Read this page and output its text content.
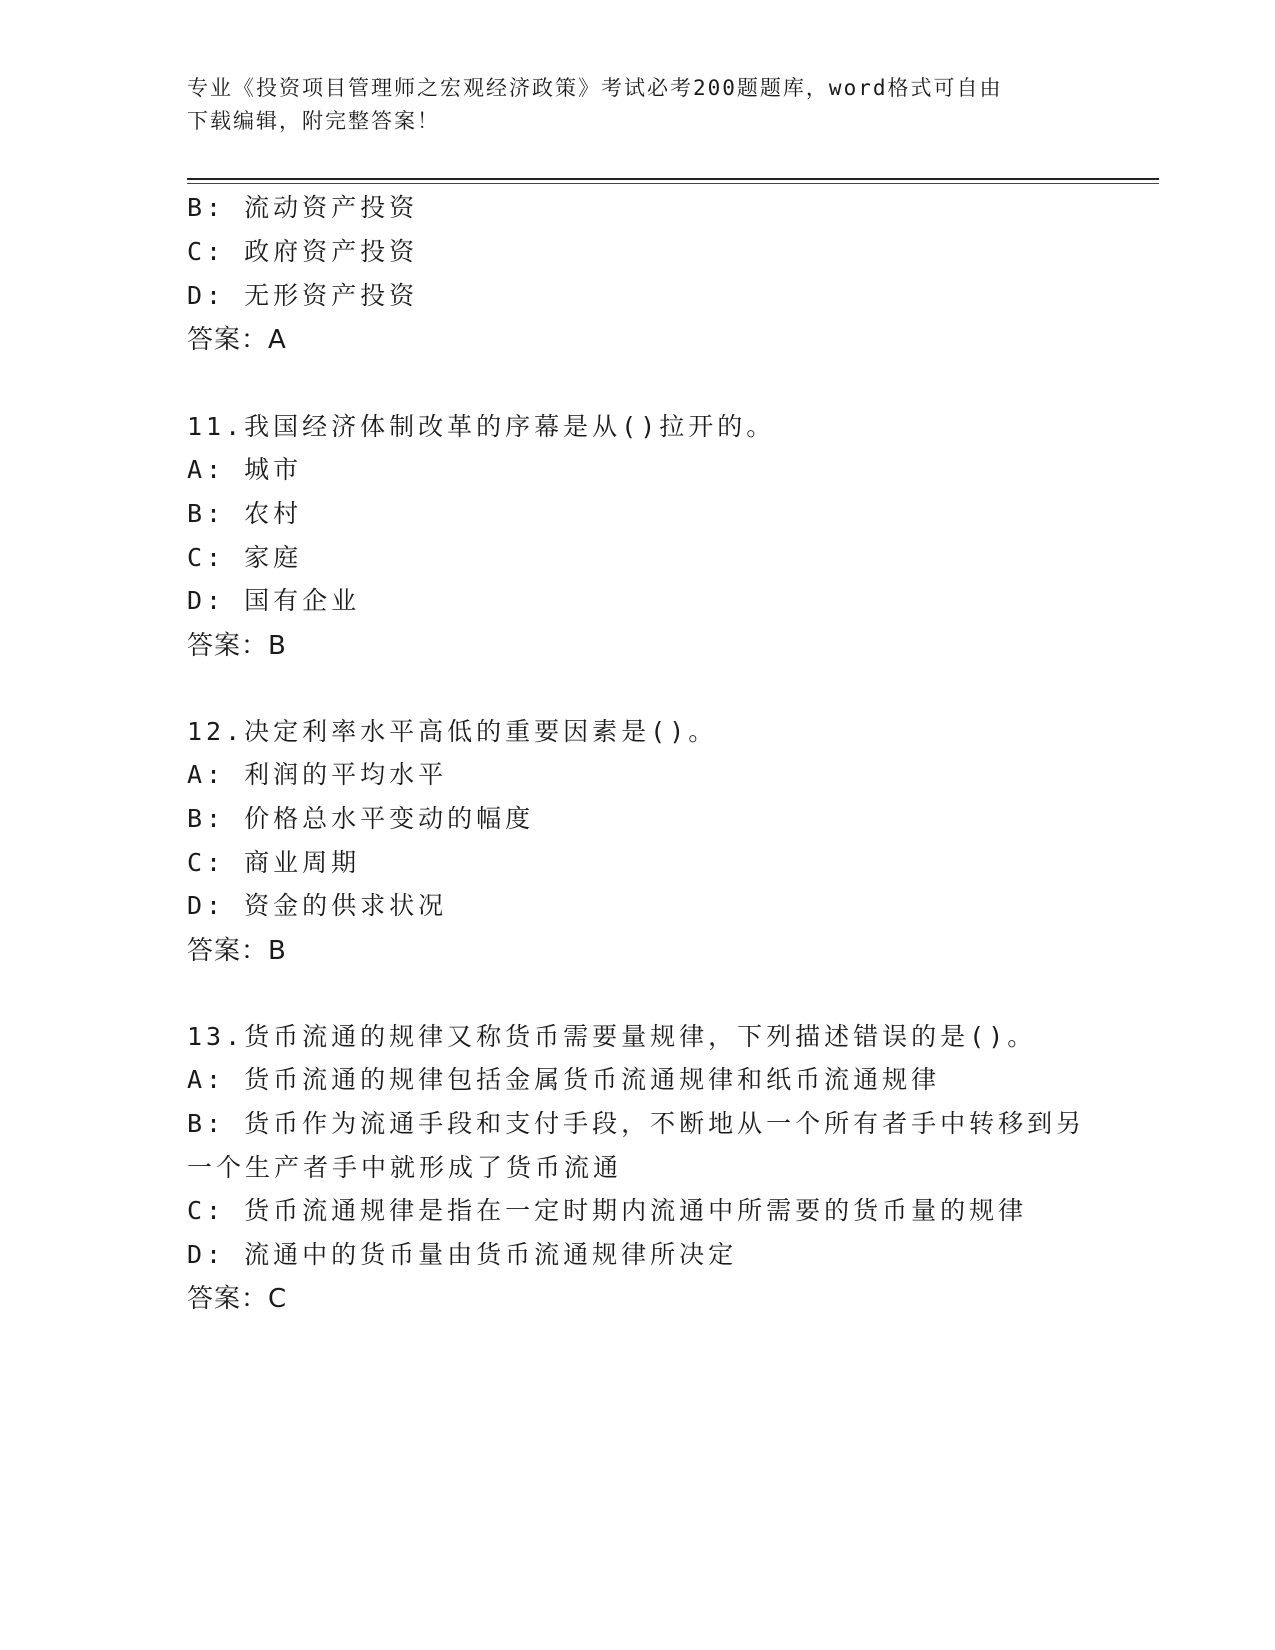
专业《投资项目管理师之宏观经济政策》考试必考200题题库，word格式可自由
下载编辑，附完整答案！
B: 流动资产投资
C: 政府资产投资
D: 无形资产投资
答案：A
11.我国经济体制改革的序幕是从()拉开的。
A: 城市
B: 农村
C: 家庭
D: 国有企业
答案：B
12.决定利率水平高低的重要因素是()。
A: 利润的平均水平
B: 价格总水平变动的幅度
C: 商业周期
D: 资金的供求状况
答案：B
13.货币流通的规律又称货币需要量规律，下列描述错误的是()。
A: 货币流通的规律包括金属货币流通规律和纸币流通规律
B: 货币作为流通手段和支付手段，不断地从一个所有者手中转移到另
一个生产者手中就形成了货币流通
C: 货币流通规律是指在一定时期内流通中所需要的货币量的规律
D: 流通中的货币量由货币流通规律所决定
答案：C
